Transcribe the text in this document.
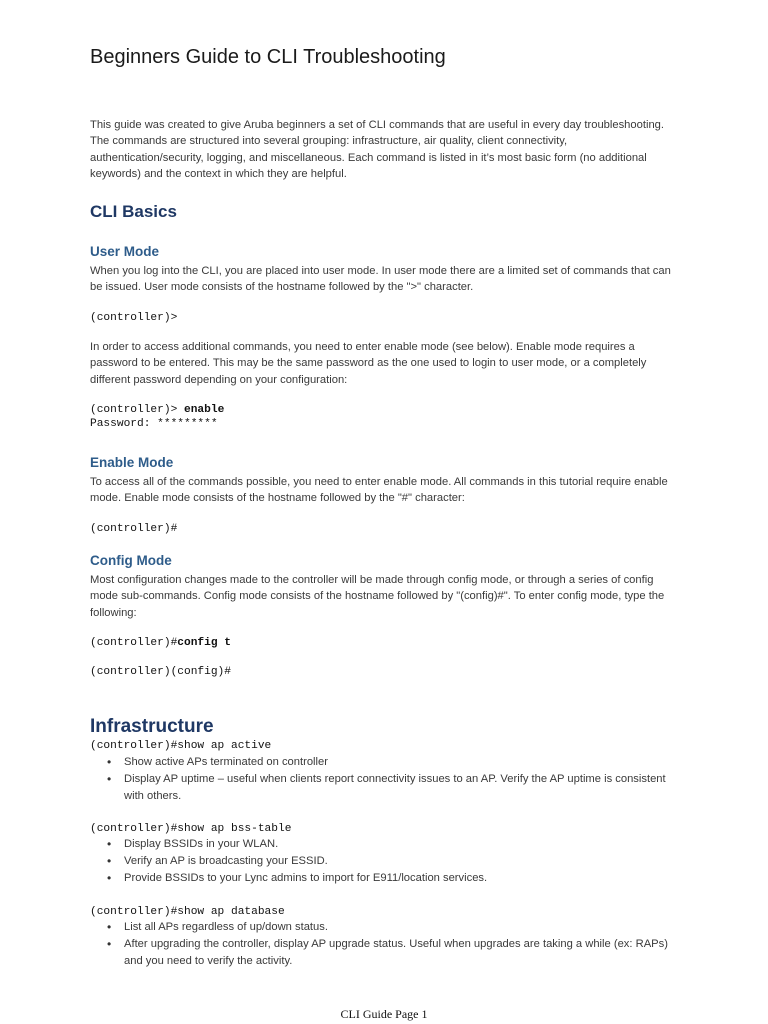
Beginners Guide to CLI Troubleshooting

This guide was created to give Aruba beginners a set of CLI commands that are useful in every day troubleshooting. The commands are structured into several grouping: infrastructure, air quality, client connectivity, authentication/security, logging, and miscellaneous. Each command is listed in it’s most basic form (no additional keywords) and the context in which they are helpful.

CLI Basics
User Mode

When you log into the CLI, you are placed into user mode. In user mode there are a limited set of commands that can be issued. User mode consists of the hostname followed by the ">" character.

(controller)>

In order to access additional commands, you need to enter enable mode (see below). Enable mode requires a password to be entered. This may be the same password as the one used to login to user mode, or a completely different password depending on your configuration:

(controller)> enable
Password: *********
Enable Mode

To access all of the commands possible, you need to enter enable mode. All commands in this tutorial require enable mode. Enable mode consists of the hostname followed by the "#" character:

(controller)#
Config Mode

Most configuration changes made to the controller will be made through config mode, or through a series of config mode sub-commands. Config mode consists of the hostname followed by "(config)#". To enter config mode, type the following:

(controller)#config t
(controller)(config)#
Infrastructure
(controller)#show ap active
• Show active APs terminated on controller
• Display AP uptime – useful when clients report connectivity issues to an AP. Verify the AP uptime is consistent with others.
(controller)#show ap bss-table
• Display BSSIDs in your WLAN.
• Verify an AP is broadcasting your ESSID.
• Provide BSSIDs to your Lync admins to import for E911/location services.
(controller)#show ap database
• List all APs regardless of up/down status.
• After upgrading the controller, display AP upgrade status. Useful when upgrades are taking a while (ex: RAPs) and you need to verify the activity.
CLI Guide Page 1
